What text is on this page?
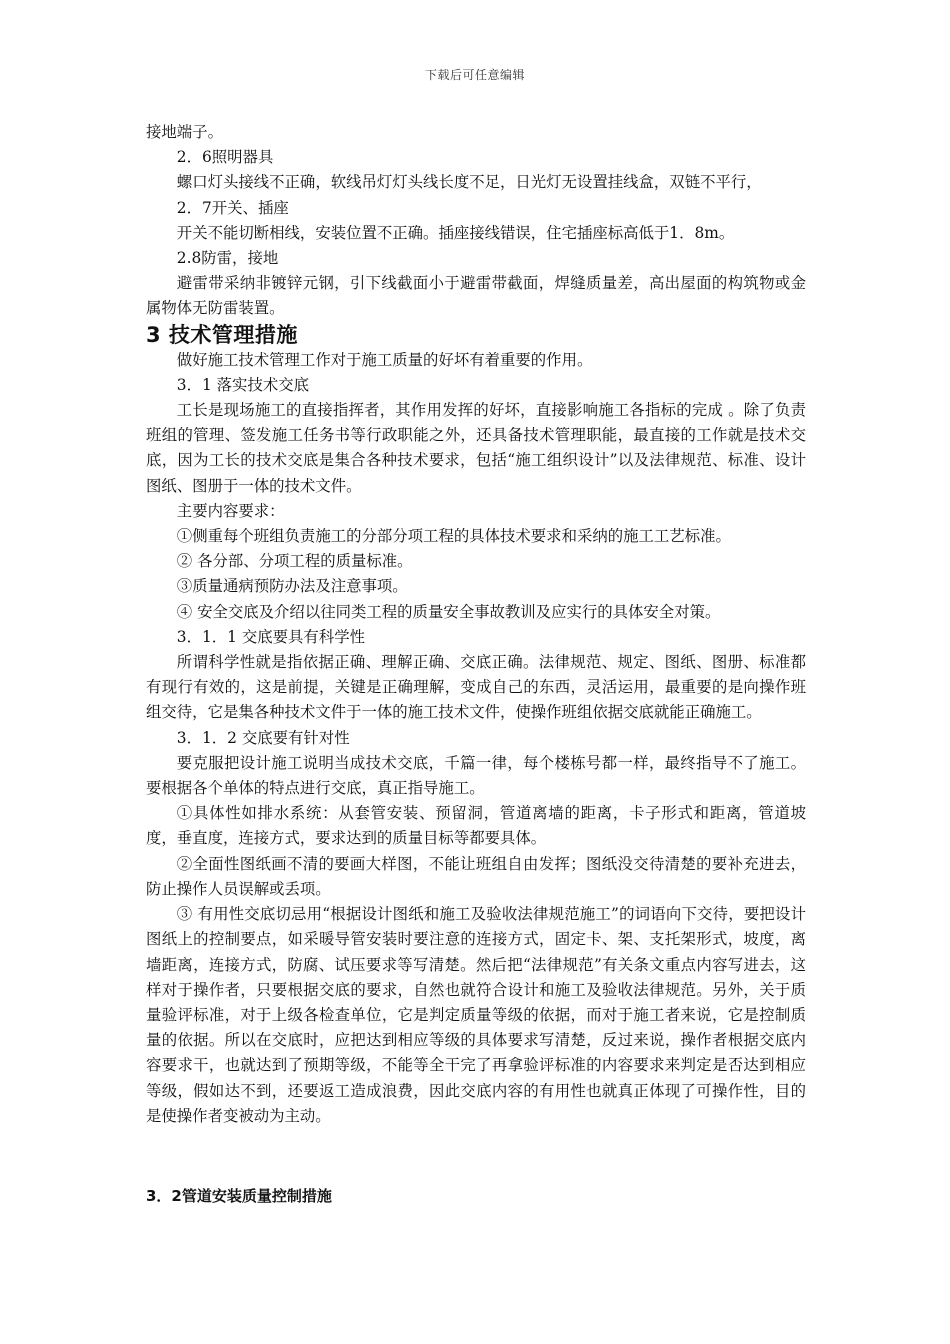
下载后可任意编辑

接地端子。

2．6照明器具

螺口灯头接线不正确，软线吊灯灯头线长度不足，日光灯无设置挂线盒，双链不平行，

2．7开关、插座

开关不能切断相线，安装位置不正确。插座接线错误，住宅插座标高低于1．8m。

2.8防雷，接地

避雷带采纳非镀锌元钢，引下线截面小于避雷带截面，焊缝质量差，高出屋面的构筑物或金属物体无防雷装置。

3 技术管理措施

做好施工技术管理工作对于施工质量的好坏有着重要的作用。

3．1 落实技术交底

工长是现场施工的直接指挥者，其作用发挥的好坏，直接影响施工各指标的完成 。除了负责班组的管理、签发施工任务书等行政职能之外，还具备技术管理职能，最直接的工作就是技术交底，因为工长的技术交底是集合各种技术要求，包括“施工组织设计”以及法律规范、标准、设计图纸、图册于一体的技术文件。

主要内容要求：

①侧重每个班组负责施工的分部分项工程的具体技术要求和采纳的施工工艺标准。

② 各分部、分项工程的质量标准。

③质量通病预防办法及注意事项。

④ 安全交底及介绍以往同类工程的质量安全事故教训及应实行的具体安全对策。

3．1．1 交底要具有科学性

所谓科学性就是指依据正确、理解正确、交底正确。法律规范、规定、图纸、图册、标准都有现行有效的，这是前提，关键是正确理解，变成自己的东西，灵活运用，最重要的是向操作班组交待，它是集各种技术文件于一体的施工技术文件，使操作班组依据交底就能正确施工。

3．1．2 交底要有针对性

要克服把设计施工说明当成技术交底，千篇一律，每个楼栋号都一样，最终指导不了施工。要根据各个单体的特点进行交底，真正指导施工。

①具体性如排水系统：从套管安装、预留洞，管道离墙的距离，卡子形式和距离，管道坡度，垂直度，连接方式，要求达到的质量目标等都要具体。

②全面性图纸画不清的要画大样图，不能让班组自由发挥；图纸没交待清楚的要补充进去，防止操作人员误解或丢项。

③ 有用性交底切忌用“根据设计图纸和施工及验收法律规范施工”的词语向下交待，要把设计图纸上的控制要点，如采暖导管安装时要注意的连接方式，固定卡、架、支托架形式，坡度，离墙距离，连接方式，防腐、试压要求等写清楚。然后把“法律规范”有关条文重点内容写进去，这样对于操作者，只要根据交底的要求，自然也就符合设计和施工及验收法律规范。另外，关于质量验评标准，对于上级各检查单位，它是判定质量等级的依据，而对于施工者来说，它是控制质量的依据。所以在交底时，应把达到相应等级的具体要求写清楚，反过来说，操作者根据交底内容要求干，也就达到了预期等级，不能等全干完了再拿验评标准的内容要求来判定是否达到相应等级，假如达不到，还要返工造成浪费，因此交底内容的有用性也就真正体现了可操作性，目的是使操作者变被动为主动。

3．2管道安装质量控制措施
